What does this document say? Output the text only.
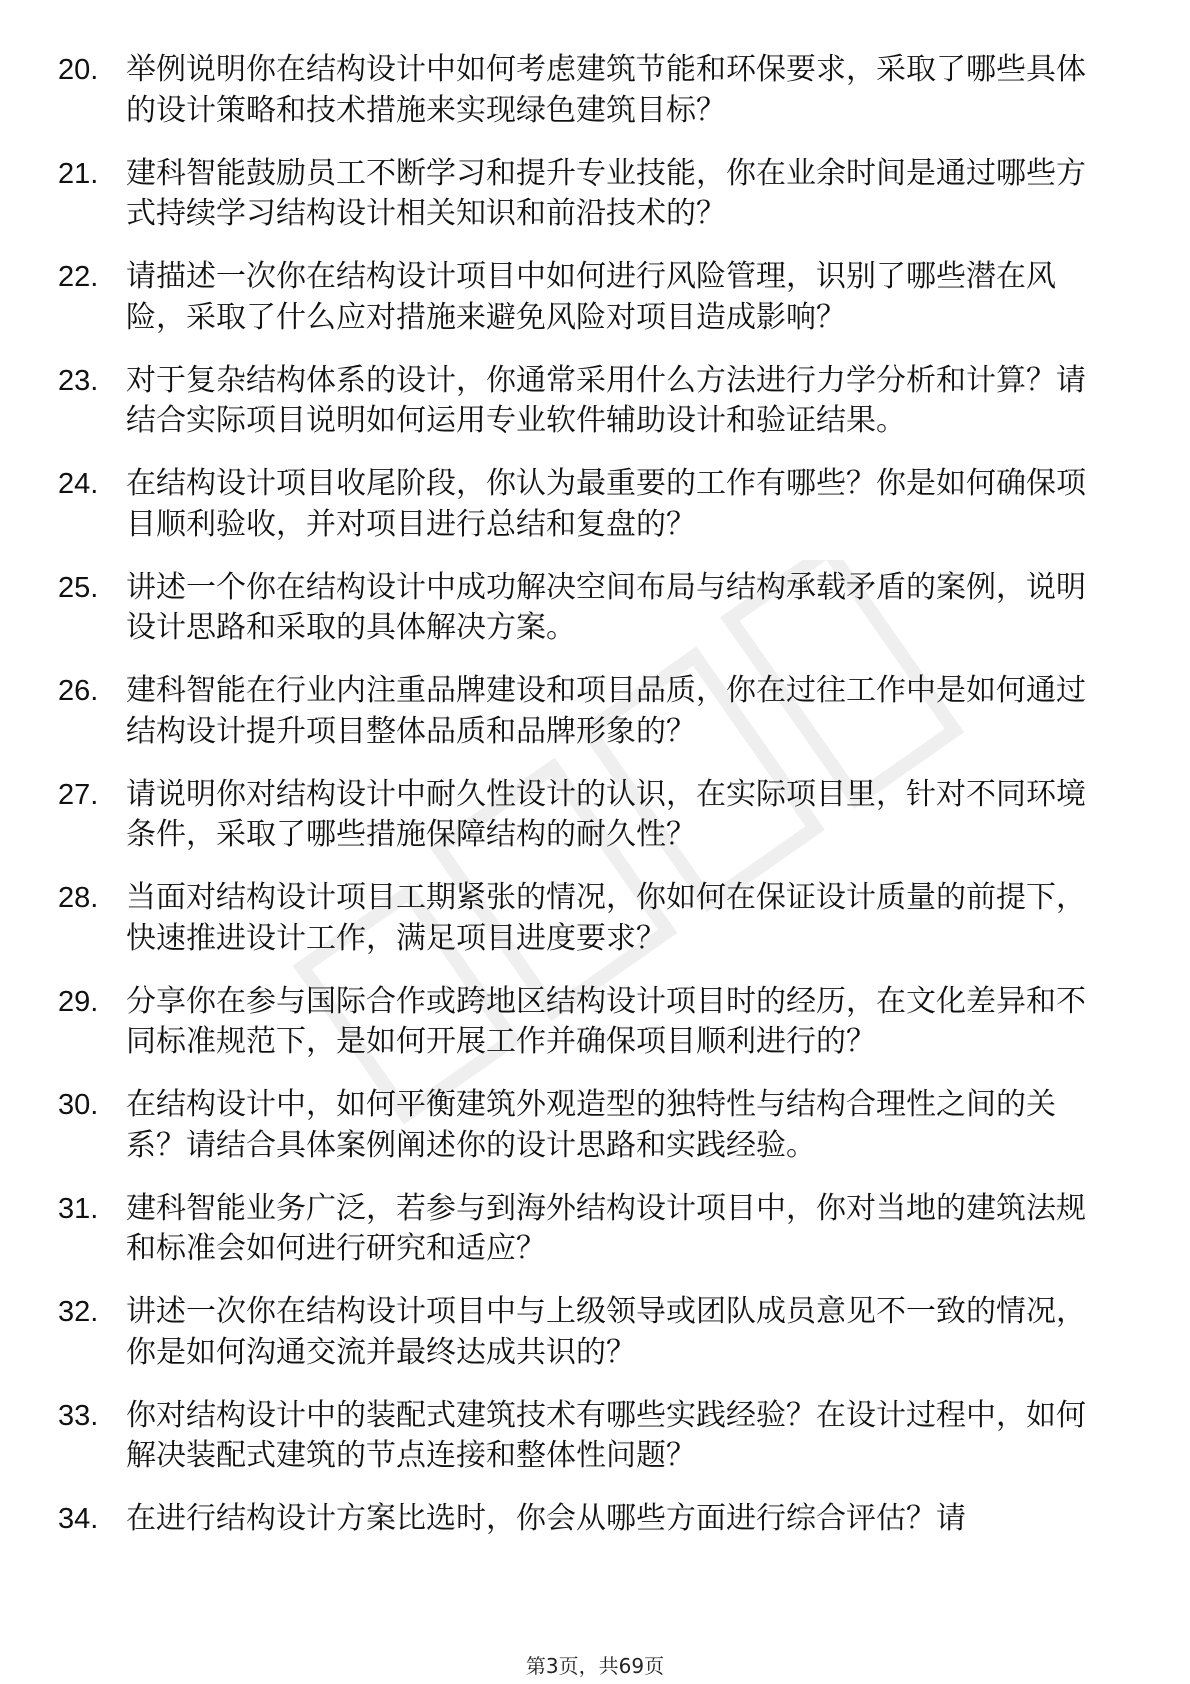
20. 举例说明你在结构设计中如何考虑建筑节能和环保要求，采取了哪些具体的设计策略和技术措施来实现绿色建筑目标？
21. 建科智能鼓励员工不断学习和提升专业技能，你在业余时间是通过哪些方式持续学习结构设计相关知识和前沿技术的？
22. 请描述一次你在结构设计项目中如何进行风险管理，识别了哪些潜在风险，采取了什么应对措施来避免风险对项目造成影响？
23. 对于复杂结构体系的设计，你通常采用什么方法进行力学分析和计算？请结合实际项目说明如何运用专业软件辅助设计和验证结果。
24. 在结构设计项目收尾阶段，你认为最重要的工作有哪些？你是如何确保项目顺利验收，并对项目进行总结和复盘的？
25. 讲述一个你在结构设计中成功解决空间布局与结构承载矛盾的案例，说明设计思路和采取的具体解决方案。
26. 建科智能在行业内注重品牌建设和项目品质，你在过往工作中是如何通过结构设计提升项目整体品质和品牌形象的？
27. 请说明你对结构设计中耐久性设计的认识，在实际项目里，针对不同环境条件，采取了哪些措施保障结构的耐久性？
28. 当面对结构设计项目工期紧张的情况，你如何在保证设计质量的前提下，快速推进设计工作，满足项目进度要求？
29. 分享你在参与国际合作或跨地区结构设计项目时的经历，在文化差异和不同标准规范下，是如何开展工作并确保项目顺利进行的？
30. 在结构设计中，如何平衡建筑外观造型的独特性与结构合理性之间的关系？请结合具体案例阐述你的设计思路和实践经验。
31. 建科智能业务广泛，若参与到海外结构设计项目中，你对当地的建筑法规和标准会如何进行研究和适应？
32. 讲述一次你在结构设计项目中与上级领导或团队成员意见不一致的情况，你是如何沟通交流并最终达成共识的？
33. 你对结构设计中的装配式建筑技术有哪些实践经验？在设计过程中，如何解决装配式建筑的节点连接和整体性问题？
34. 在进行结构设计方案比选时，你会从哪些方面进行综合评估？请
第3页，共69页
